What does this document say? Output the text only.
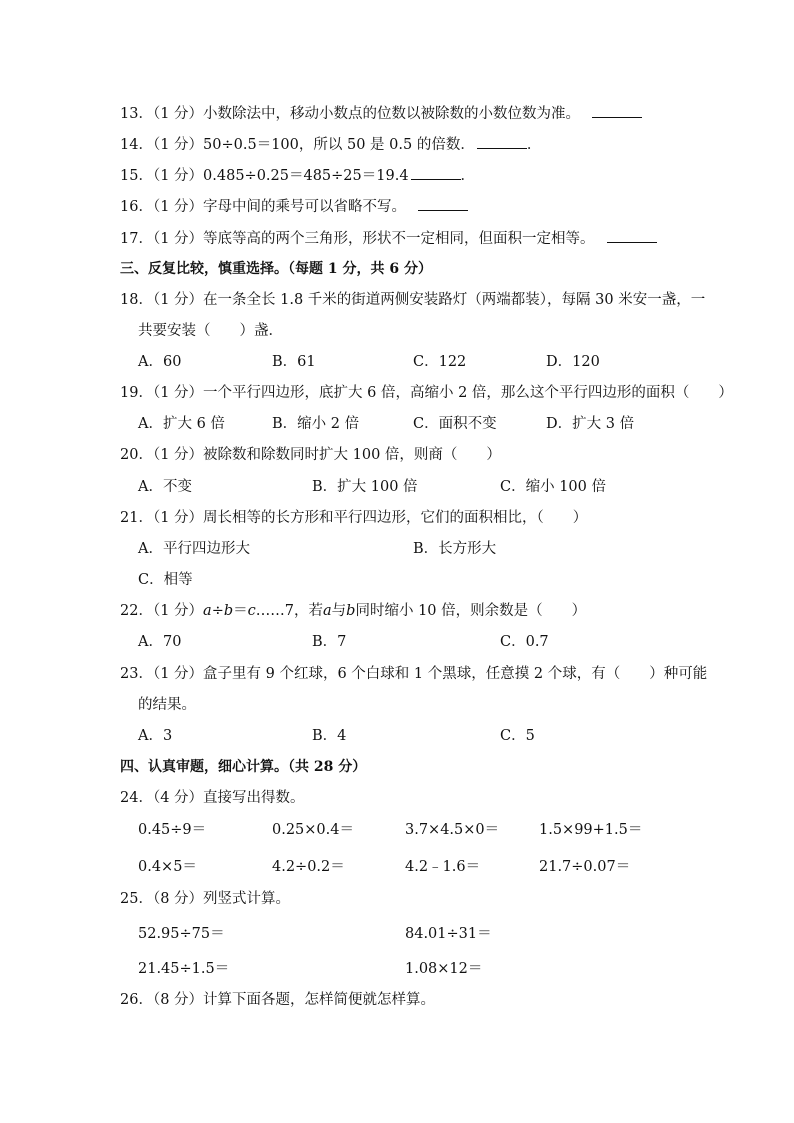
13．（1 分）小数除法中，移动小数点的位数以被除数的小数位数为准。
14．（1 分）50÷0.5＝100，所以 50 是 0.5 的倍数．	．
15．（1 分）0.485÷0.25＝485÷25＝19.4	．
16．（1 分）字母中间的乘号可以省略不写。
17．（1 分）等底等高的两个三角形，形状不一定相同，但面积一定相等。
三、反复比较，慎重选择。（每题 1 分，共 6 分）
18．（1 分）在一条全长 1.8 千米的街道两侧安装路灯（两端都装），每隔 30 米安一盏，一
共要安装（　　）盏．
A．60	B．61	C．122	D．120
19．（1 分）一个平行四边形，底扩大 6 倍，高缩小 2 倍，那么这个平行四边形的面积（　　）
A．扩大 6 倍	B．缩小 2 倍	C．面积不变	D．扩大 3 倍
20．（1 分）被除数和除数同时扩大 100 倍，则商（　　）
A．不变	B．扩大 100 倍	C．缩小 100 倍
21．（1 分）周长相等的长方形和平行四边形，它们的面积相比，（　　）
A．平行四边形大	B．长方形大
C．相等
22．（1 分）a÷b＝c……7，若a与b同时缩小 10 倍，则余数是（　　）
A．70	B．7	C．0.7
23．（1 分）盒子里有 9 个红球，6 个白球和 1 个黑球，任意摸 2 个球，有（　　）种可能
的结果。
A．3	B．4	C．5
四、认真审题，细心计算。（共 28 分）
24．（4 分）直接写出得数。
0.45÷9＝	0.25×0.4＝	3.7×4.5×0＝	1.5×99+1.5＝
0.4×5＝	4.2÷0.2＝	4.2﹣1.6＝	21.7÷0.07＝
25．（8 分）列竖式计算。
52.95÷75＝	84.01÷31＝
21.45÷1.5＝	1.08×12＝
26．（8 分）计算下面各题，怎样简便就怎样算。
